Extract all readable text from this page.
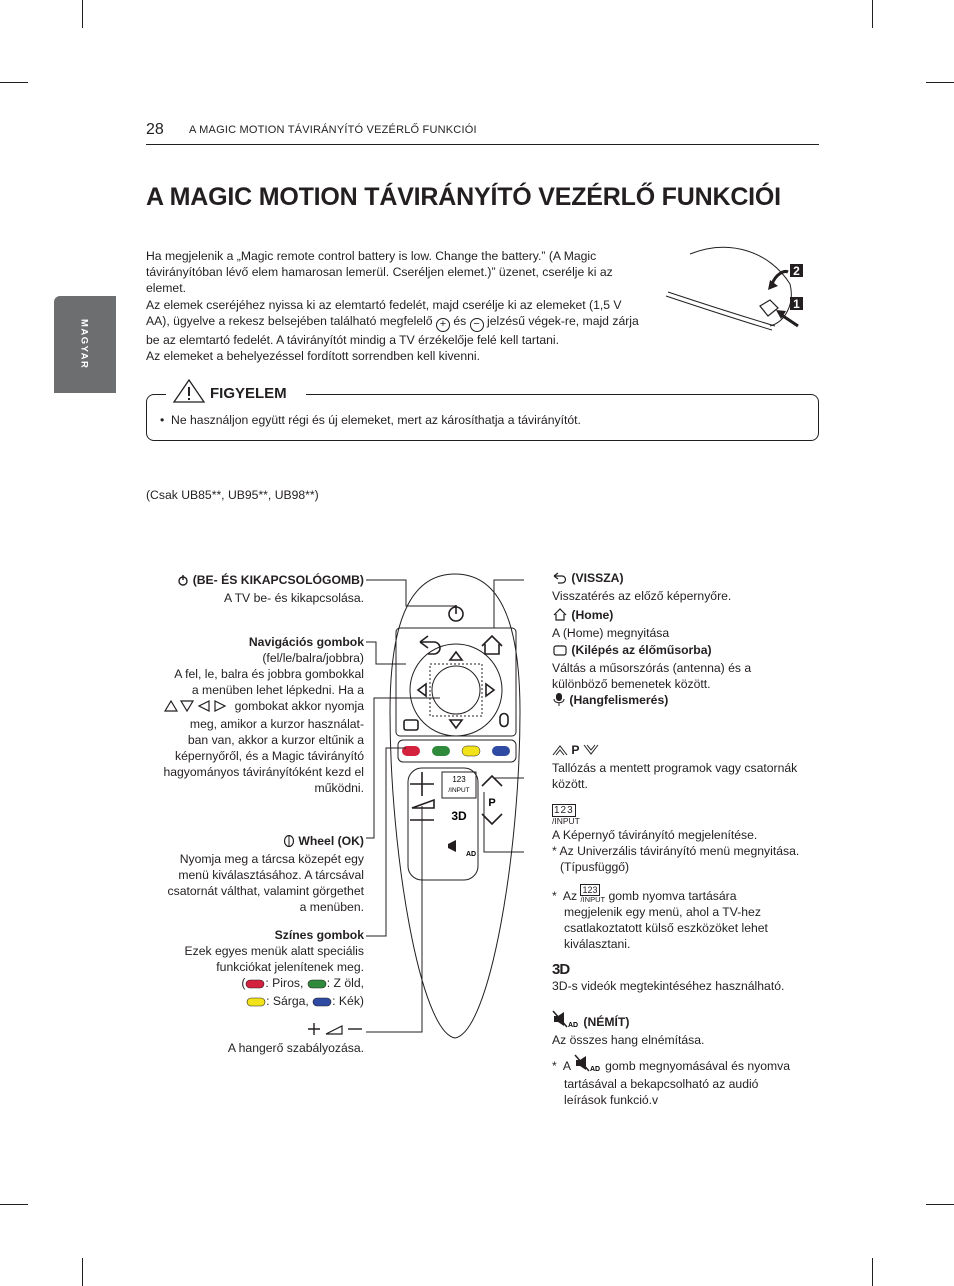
28 A MAGIC MOTION TÁVIRÁNYÍTÓ VEZÉRLŐ FUNKCIÓI
A MAGIC MOTION TÁVIRÁNYÍTÓ VEZÉRLŐ FUNKCIÓI
MAGYAR

Ha megjelenik a „Magic remote control battery is low. Change the battery.” (A Magic távirányítóban lévő elem hamarosan lemerül. Cseréljen elemet.)” üzenet, cserélje ki az elemet.

Az elemek cseréjéhez nyissa ki az elemtartó fedelét, majd cserélje ki az elemeket (1,5 V AA), ügyelve a rekesz belsejében található megfelelő + és − jelzésű végek-re, majd zárja be az elemtartó fedelét. A távirányítót mindig a TV érzékelője felé kell tartani.

Az elemeket a behelyezéssel fordított sorrendben kell kivenni.

2
1
FIGYELEM
•  Ne használjon együtt régi és új elemeket, mert az károsíthatja a távirányítót.
(Csak UB85**, UB95**, UB98**)
123
/INPUT
P
3D
AD
(BE- ÉS KIKAPCSOLÓGOMB)
A TV be- és kikapcsolása.
Navigációs gombok
(fel/le/balra/jobbra)
A fel, le, balra és jobbra gombokkal
a menüben lehet lépkedni. Ha a
gombokat akkor nyomja
meg, amikor a kurzor használat-
ban van, akkor a kurzor eltűnik a
képernyőről, és a Magic távirányító
hagyományos távirányítóként kezd el
működni.
Wheel (OK)
Nyomja meg a tárcsa közepét egy
menü kiválasztásához. A tárcsával
csatornát válthat, valamint görgethet
a menüben.
Színes gombok
Ezek egyes menük alatt speciális
funkciókat jelenítenek meg.
( : Piros, : Z öld,
: Sárga, : Kék)

A hangerő szabályozása.
(VISSZA)
Visszatérés az előző képernyőre.
(Home)
A (Home) megnyitása
(Kilépés az élőműsorba)
Váltás a műsorszórás (antenna) és a
különböző bemenetek között.
(Hangfelismerés)
P
Tallózás a mentett programok vagy csatornák
között.
123
/INPUT
A Képernyő távirányító megjelenítése.
* Az Univerzális távirányító menü megnyitása.
(Típusfüggő)
* Az 123
/INPUT gomb nyomva tartására
megjelenik egy menü, ahol a TV-hez
csatlakoztatott külső eszközöket lehet
kiválasztani.
3D
3D-s videók megtekintéséhez használható.
AD (NÉMÍT)
Az összes hang elnémítása.
* A	AD gomb megnyomásával és nyomva
tartásával a bekapcsolható az audió
leírások funkció.v
